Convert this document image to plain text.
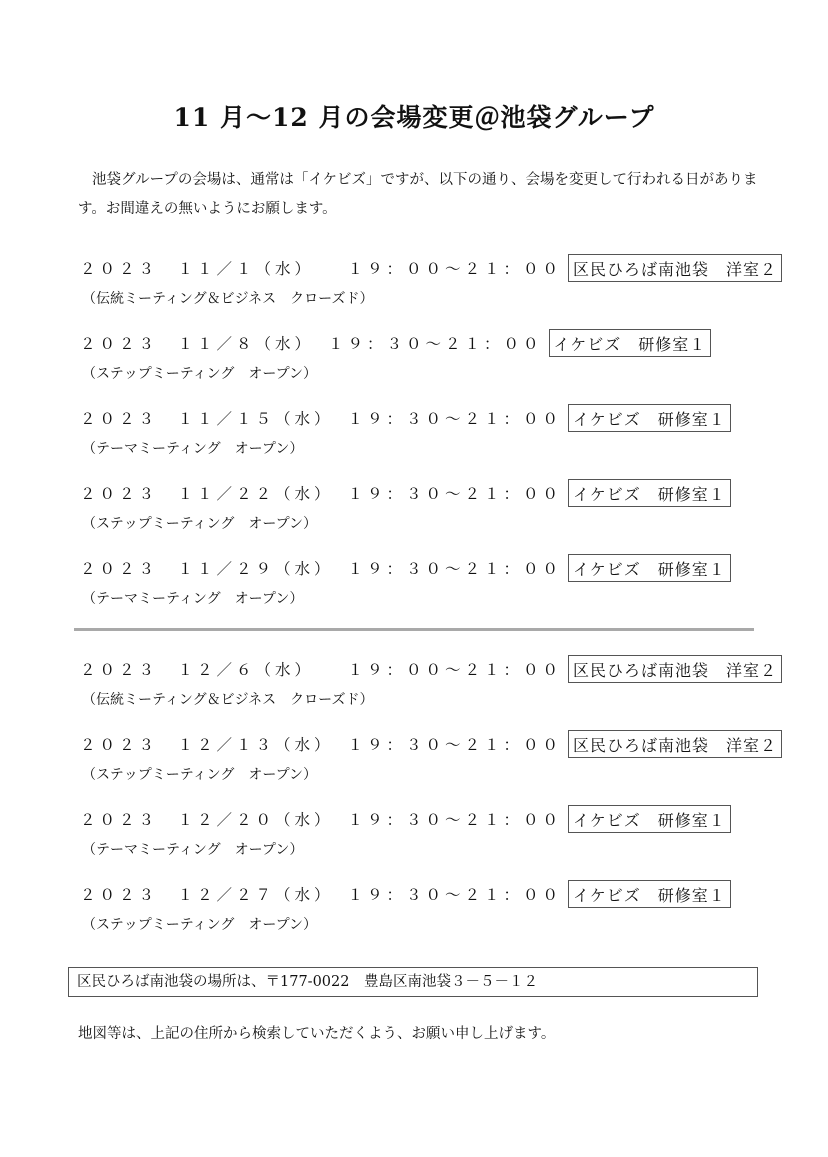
11 月～12 月の会場変更＠池袋グループ
池袋グループの会場は、通常は「イケビズ」ですが、以下の通り、会場を変更して行われる日があります。お間違えの無いようにお願します。
２０２３　１１／１（水） 　１９：００～２１：００ 区民ひろば南池袋　洋室２
（伝統ミーティング＆ビジネス　クローズド）
２０２３　１１／８（水） １９：３０～２１：００ イケビズ　研修室１
（ステップミーティング　オープン）
２０２３　１１／１５（水） １９：３０～２１：００ イケビズ　研修室１
（テーマミーティング　オープン）
２０２３　１１／２２（水） １９：３０～２１：００ イケビズ　研修室１
（ステップミーティング　オープン）
２０２３　１１／２９（水） １９：３０～２１：００ イケビズ　研修室１
（テーマミーティング　オープン）
２０２３　１２／６（水） 　１９：００～２１：００ 区民ひろば南池袋　洋室２
（伝統ミーティング＆ビジネス　クローズド）
２０２３　１２／１３（水） １９：３０～２１：００ 区民ひろば南池袋　洋室２
（ステップミーティング　オープン）
２０２３　１２／２０（水） １９：３０～２１：００ イケビズ　研修室１
（テーマミーティング　オープン）
２０２３　１２／２７（水） １９：３０～２１：００ イケビズ　研修室１
（ステップミーティング　オープン）
区民ひろば南池袋の場所は、〒177-0022　豊島区南池袋３－５－１２
地図等は、上記の住所から検索していただくよう、お願い申し上げます。
